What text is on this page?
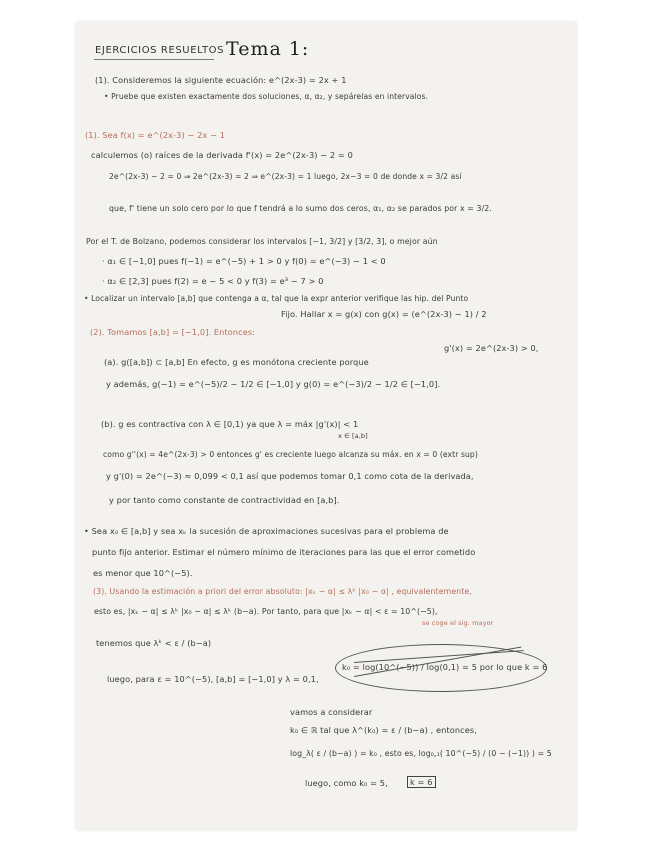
EJERCICIOS RESUELTOS Tema 1:
(1). Consideremos la siguiente ecuación: e^(2x-3) = 2x + 1
• Pruebe que existen exactamente dos soluciones, α, α₂, y sepárelas en intervalos.
(1). Sea f(x) = e^(2x-3) − 2x − 1
calculemos (o) raíces de la derivada f'(x) = 2e^(2x-3) − 2 = 0
2e^(2x-3) − 2 = 0 ⇒ 2e^(2x-3) = 2 ⇒ e^(2x-3) = 1 luego, 2x−3 = 0 de donde x = 3/2 así
que, f' tiene un solo cero por lo que f tendrá a lo sumo dos ceros, α₁, α₂ se parados por x = 3/2.
Por el T. de Bolzano, podemos considerar los intervalos [−1, 3/2] y [3/2, 3], o mejor aún
· α₁ ∈ [−1,0] pues f(−1) = e^(−5) + 1 > 0 y f(0) = e^(−3) − 1 < 0
· α₂ ∈ [2,3] pues f(2) = e − 5 < 0 y f(3) = e³ − 7 > 0
• Localizar un intervalo [a,b] que contenga a α, tal que la expr anterior verifique las hip. del Punto
Fijo. Hallar x = g(x) con g(x) = (e^(2x-3) − 1) / 2
(2). Tomamos [a,b] = [−1,0]. Entonces:
g'(x) = 2e^(2x-3) > 0,
(a). g([a,b]) ⊂ [a,b] En efecto, g es monótona creciente porque
y además, g(−1) = e^(−5)/2 − 1/2 ∈ [−1,0] y g(0) = e^(−3)/2 − 1/2 ∈ [−1,0].
(b). g es contractiva con λ ∈ [0,1) ya que λ = máx |g'(x)| < 1
x ∈ [a,b]
como g''(x) = 4e^(2x-3) > 0 entonces g' es creciente luego alcanza su máx. en x = 0 (extr sup)
y g'(0) = 2e^(−3) ≈ 0,099 < 0,1 así que podemos tomar 0,1 como cota de la derivada,
y por tanto como constante de contractividad en [a,b].
• Sea x₀ ∈ [a,b] y sea xₖ la sucesión de aproximaciones sucesivas para el problema de
punto fijo anterior. Estimar el número mínimo de iteraciones para las que el error cometido
es menor que 10^(−5).
(3). Usando la estimación a priori del error absoluto: |xₖ − α| ≤ λᵏ |x₀ − α| , equivalentemente,
esto es, |xₖ − α| ≤ λᵏ |x₀ − α| ≤ λᵏ (b−a). Por tanto, para que |xₖ − α| < ε = 10^(−5),
tenemos que λᵏ < ε / (b−a)
se coge el sig. mayor
k₀ = log(10^(−5)) / log(0,1) = 5 por lo que k = 6
luego, para ε = 10^(−5), [a,b] = [−1,0] y λ = 0,1,
vamos a considerar
k₀ ∈ ℝ tal que λ^(k₀) = ε / (b−a) , entonces,
log_λ( ε / (b−a) ) = k₀ , esto es, log₀,₁( 10^(−5) / (0 − (−1)) ) = 5
luego, como k₀ = 5,	k = 6
